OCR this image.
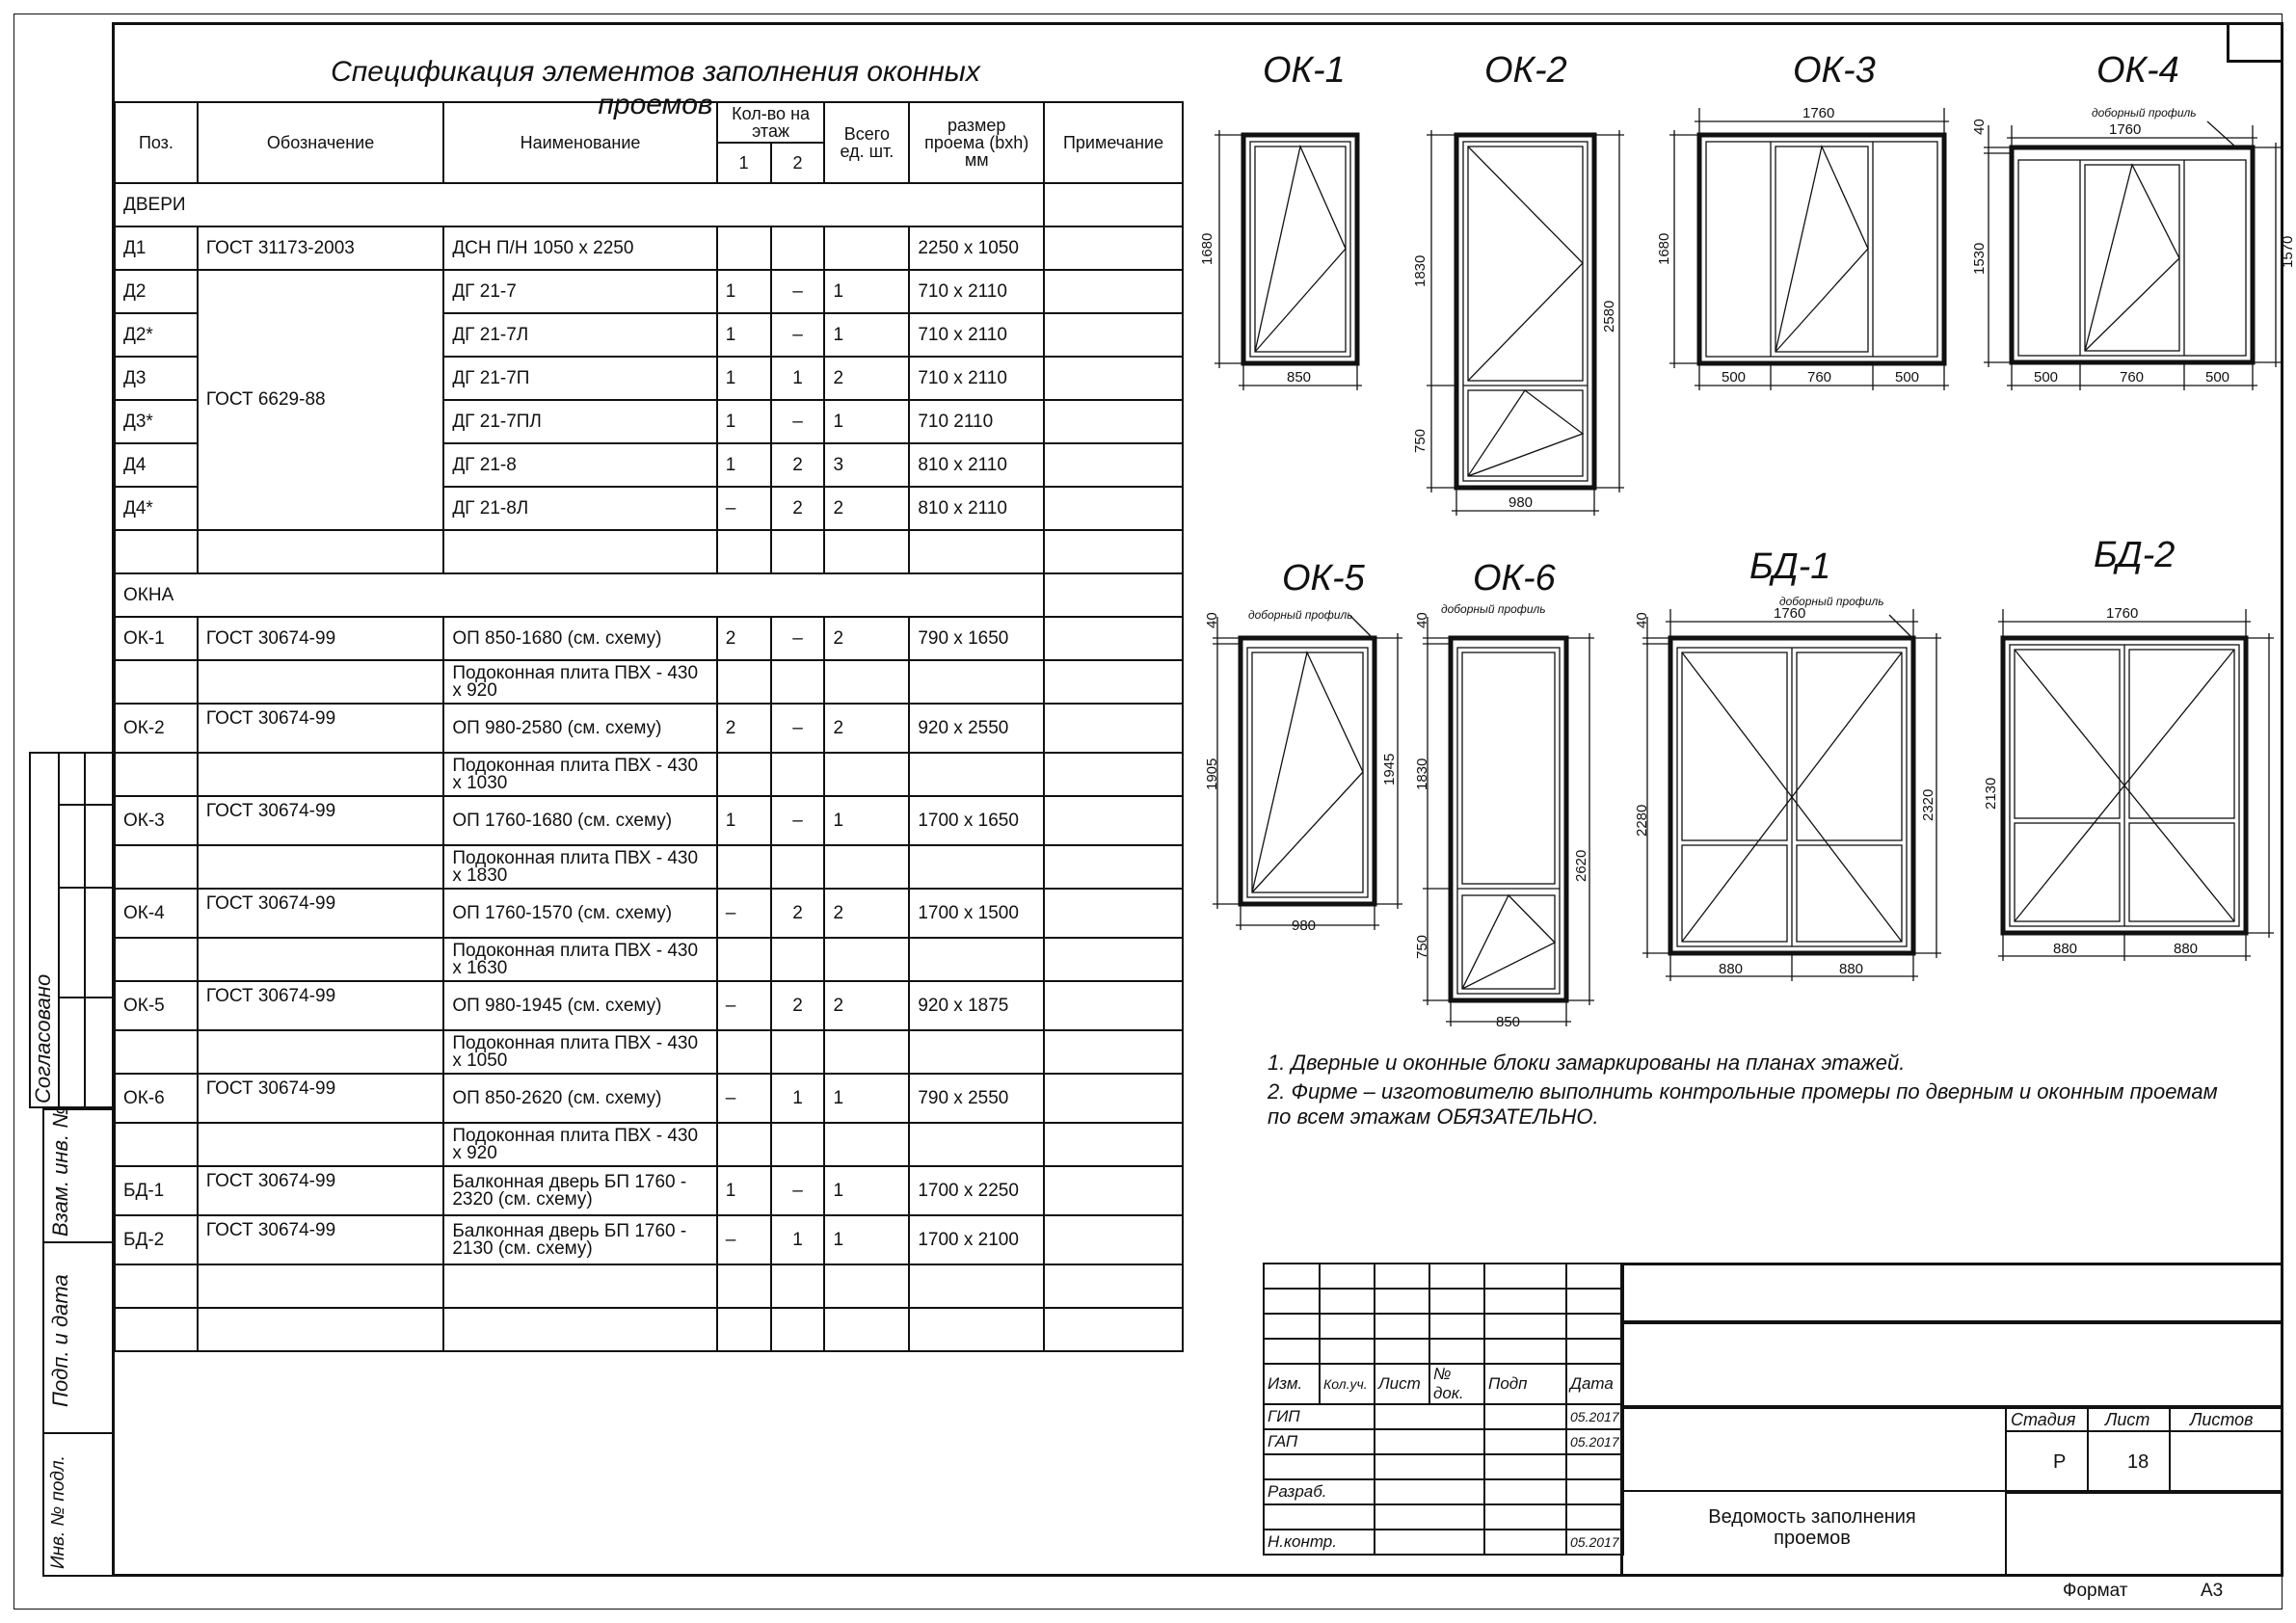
Спецификация элементов заполнения оконных проемов
Поз.	Обозначение	Наименование	Кол-во на этаж		Всего ед. шт.	размер проема (bxh) мм	Примечание
			1	2			
ДВЕРИ							
Д1	ГОСТ 31173-2003	ДСН П/Н 1050 х 2250				2250 х 1050	
Д2	ГОСТ 6629-88	ДГ 21-7	1	–	1	710 х 2110	
Д2*		ДГ 21-7Л	1	–	1	710 х 2110	
Д3		ДГ 21-7П	1	1	2	710 х 2110	
Д3*		ДГ 21-7ПЛ	1	–	1	710 2110	
Д4		ДГ 21-8	1	2	3	810 х 2110	
Д4*		ДГ 21-8Л	–	2	2	810 х 2110	

ОКНА							
ОК-1	ГОСТ 30674-99	ОП 850-1680 (см. схему)	2	–	2	790 х 1650	
		Подоконная плита ПВХ - 430 х 920					
ОК-2	ГОСТ 30674-99	ОП 980-2580 (см. схему)	2	–	2	920 х 2550	
		Подоконная плита ПВХ - 430 х 1030					
ОК-3	ГОСТ 30674-99	ОП 1760-1680 (см. схему)	1	–	1	1700 х 1650	
		Подоконная плита ПВХ - 430 х 1830					
ОК-4	ГОСТ 30674-99	ОП 1760-1570 (см. схему)	–	2	2	1700 х 1500	
		Подоконная плита ПВХ - 430 х 1630					
ОК-5	ГОСТ 30674-99	ОП 980-1945 (см. схему)	–	2	2	920 х 1875	
		Подоконная плита ПВХ - 430 х 1050					
ОК-6	ГОСТ 30674-99	ОП 850-2620 (см. схему)	–	1	1	790 х 2550	
		Подоконная плита ПВХ - 430 х 920					
БД-1	ГОСТ 30674-99	Балконная дверь БП 1760 - 2320 (см. схему)	1	–	1	1700 х 2250	
БД-2	ГОСТ 30674-99	Балконная дверь БП 1760 - 2130 (см. схему)	–	1	1	1700 х 2100	

ОК-1	ОК-2	ОК-3	ОК-4
ОК-5	ОК-6	БД-1	БД-2
850
1680
980
1830
750
2580
1760
1680
500	760	500
1760
40
1530	1570
500	760	500
980
40
1905	1945
850
40
1830
750
2620
1760
40
2280	2320
880	880
1760
2130
880	880
доборный профиль
доборный профиль	доборный профиль
доборный профиль
1. Дверные и оконные блоки замаркированы на планах этажей.
2. Фирме – изготовителю выполнить контрольные промеры по дверным и оконным проемам
по всем этажам ОБЯЗАТЕЛЬНО.
Согласовано
Взам. инв. №
Подп. и дата
Инв. № подл.

Изм.	Кол.уч.	Лист	№ док.	Подп	Дата
ГИП					05.2017
ГАП					05.2017

Разраб.					

Н.контр.					05.2017
Стадия Лист Листов
Р	18
Ведомость заполнения проемов
Формат	А3
